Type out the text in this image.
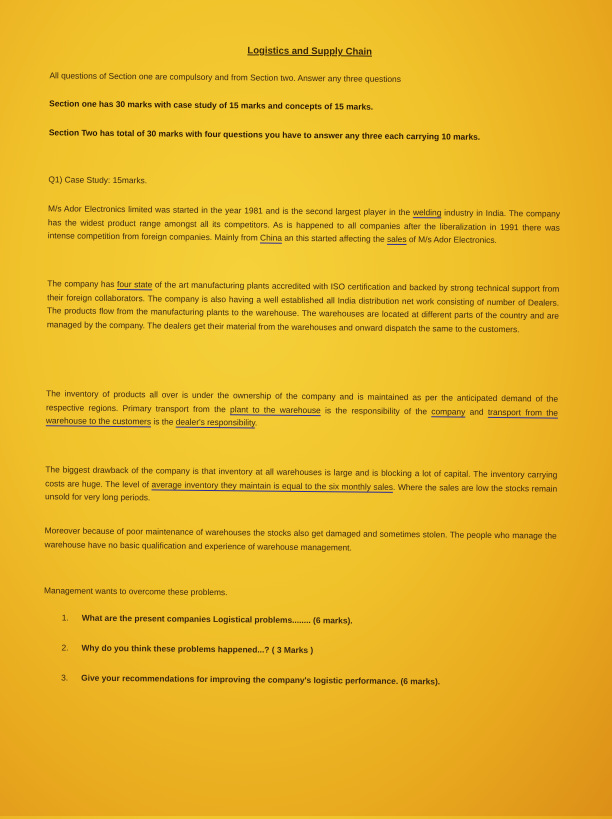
Logistics and Supply Chain
All questions of Section one are compulsory and from Section two. Answer any three questions
Section one has 30 marks with case study of 15 marks and concepts of 15 marks.
Section Two has total of 30 marks with four questions you have to answer any three each carrying 10 marks.
Q1) Case Study: 15marks.
M/s Ador Electronics limited was started in the year 1981 and is the second largest player in the welding industry in India. The company has the widest product range amongst all its competitors. As is happened to all companies after the liberalization in 1991 there was intense competition from foreign companies. Mainly from China an this started affecting the sales of M/s Ador Electronics.
The company has four state of the art manufacturing plants accredited with ISO certification and backed by strong technical support from their foreign collaborators. The company is also having a well established all India distribution net work consisting of number of Dealers. The products flow from the manufacturing plants to the warehouse. The warehouses are located at different parts of the country and are managed by the company. The dealers get their material from the warehouses and onward dispatch the same to the customers.
The inventory of products all over is under the ownership of the company and is maintained as per the anticipated demand of the respective regions. Primary transport from the plant to the warehouse is the responsibility of the company and transport from the warehouse to the customers is the dealer's responsibility.
The biggest drawback of the company is that inventory at all warehouses is large and is blocking a lot of capital. The inventory carrying costs are huge. The level of average inventory they maintain is equal to the six monthly sales. Where the sales are low the stocks remain unsold for very long periods.
Moreover because of poor maintenance of warehouses the stocks also get damaged and sometimes stolen. The people who manage the warehouse have no basic qualification and experience of warehouse management.
Management wants to overcome these problems.
1. What are the present companies Logistical problems........ (6 marks).
2. Why do you think these problems happened...? ( 3 Marks )
3. Give your recommendations for improving the company's logistic performance. (6 marks).
